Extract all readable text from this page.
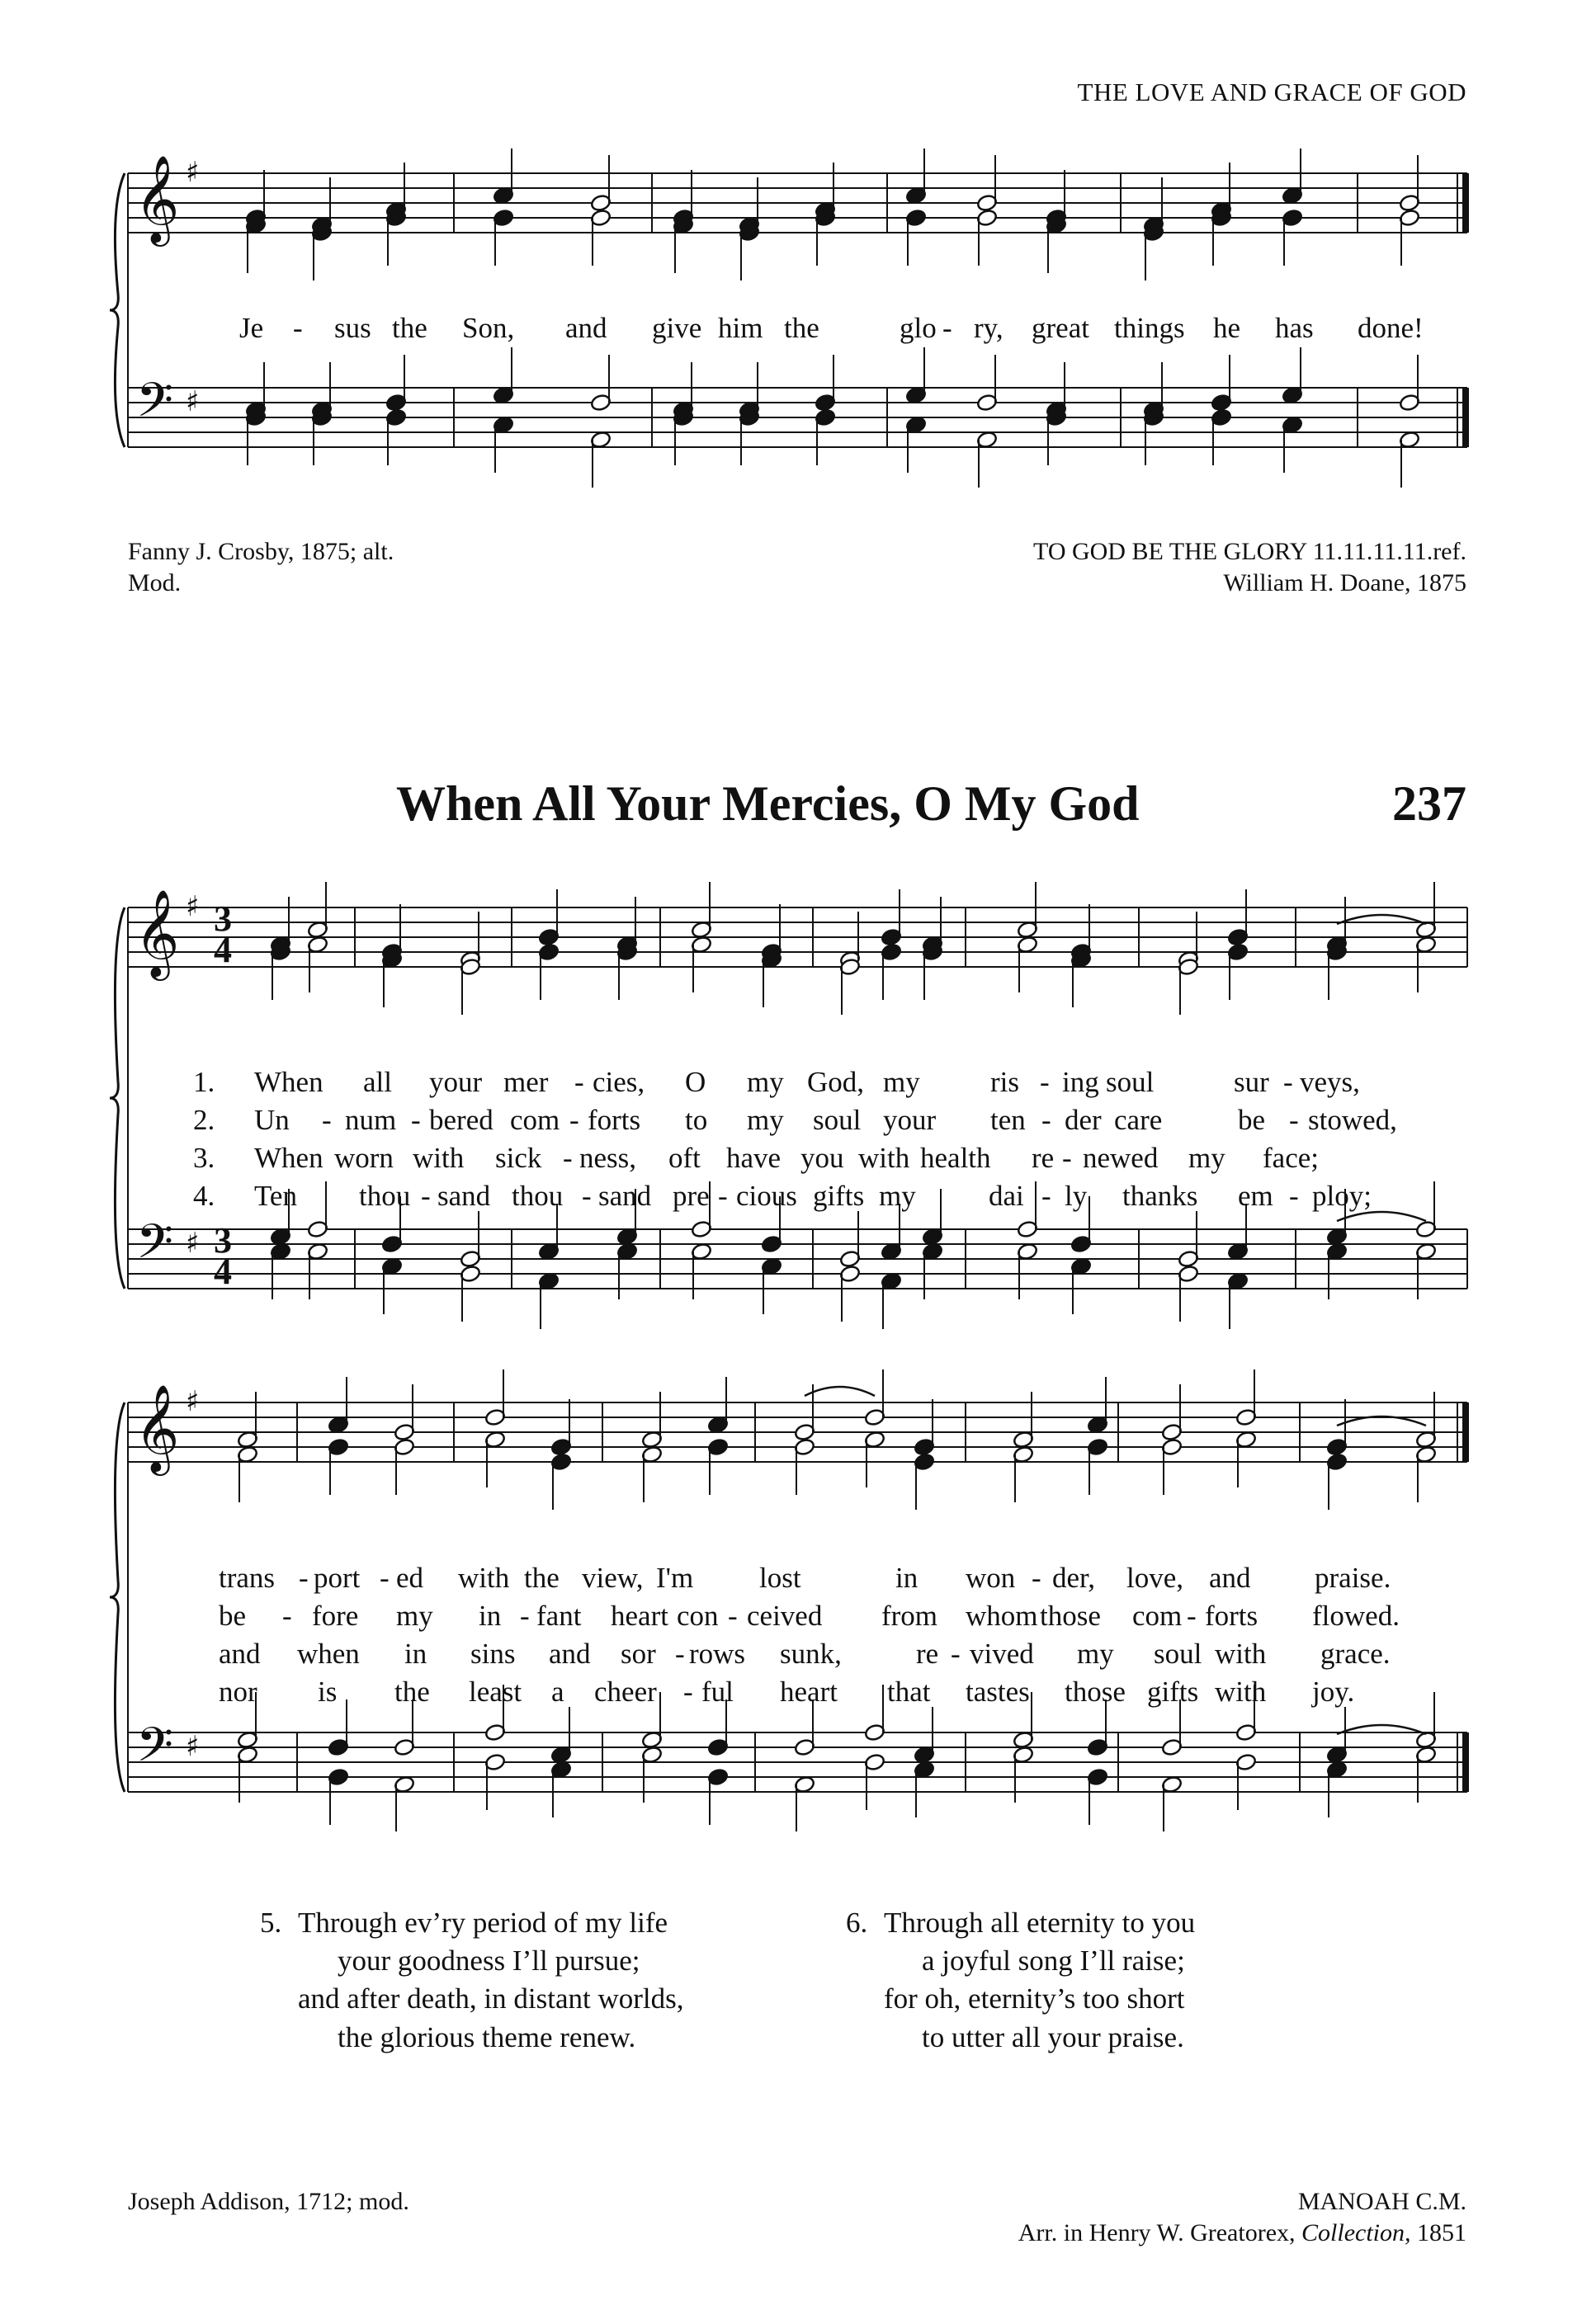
THE LOVE AND GRACE OF GOD
𝄞
𝄢
♯
♯
Je - sus the Son, and give him the	glo - ry, great things he has done!
Fanny J. Crosby, 1875; alt.
Mod.
TO GOD BE THE GLORY 11.11.11.11.ref.
William H. Doane, 1875
When All Your Mercies, O My God	237
𝄞
𝄢
♯
♯
3
4
3
4
1. When all your mer - cies, O my God, my ris - ing soul	sur - veys,
2. Un - num - bered com - forts to my soul your ten - der care	be - stowed,
3. When worn with sick - ness, oft have you with health re - newed my face;
4. Ten thou - sand thou - sand pre - cious gifts my	dai - ly thanks em - ploy;
𝄞
𝄢
♯
♯
trans - port - ed with the view, I'm lost	in won - der, love, and praise.
be - fore my in - fant heart con - ceived from whom those com - forts flowed.
and when in sins and sor - rows sunk,	re - vived my soul with grace.
nor is the least a cheer - ful heart that tastes those gifts with joy.
5. Through ev’ry period of my life
your goodness I’ll pursue;
and after death, in distant worlds,
the glorious theme renew.
6. Through all eternity to you
a joyful song I’ll raise;
for oh, eternity’s too short
to utter all your praise.
Joseph Addison, 1712; mod.	MANOAH C.M.
Arr. in Henry W. Greatorex, Collection, 1851
